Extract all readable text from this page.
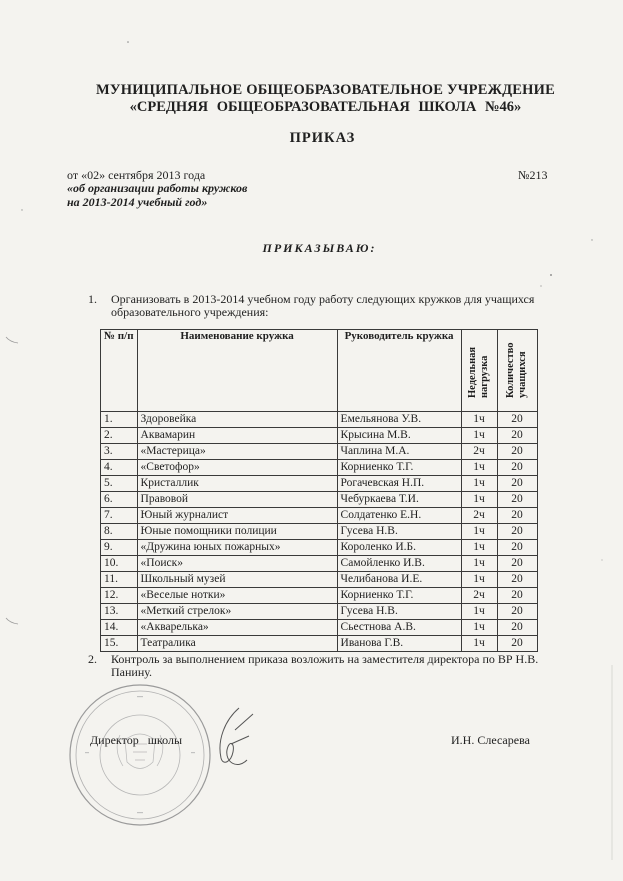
МУНИЦИПАЛЬНОЕ ОБЩЕОБРАЗОВАТЕЛЬНОЕ УЧРЕЖДЕНИЕ
«СРЕДНЯЯ ОБЩЕОБРАЗОВАТЕЛЬНАЯ ШКОЛА №46»
ПРИКАЗ
от «02» сентября 2013 года	№213
«об организации работы кружков
на 2013-2014 учебный год»
ПРИКАЗЫВАЮ:
1. Организовать в 2013-2014 учебном году работу следующих кружков для учащихся образовательного учреждения:
№ п/п	Наименование кружка	Руководитель кружка	Недельная нагрузка	Количество учащихся

1.	Здоровейка	Емельянова У.В.	1ч	20
2.	Аквамарин	Крысина М.В.	1ч	20
3.	«Мастерица»	Чаплина М.А.	2ч	20
4.	«Светофор»	Корниенко Т.Г.	1ч	20
5.	Кристаллик	Рогачевская Н.П.	1ч	20
6.	Правовой	Чебуркаева Т.И.	1ч	20
7.	Юный журналист	Солдатенко Е.Н.	2ч	20
8.	Юные помощники полиции	Гусева Н.В.	1ч	20
9.	«Дружина юных пожарных»	Короленко И.Б.	1ч	20
10.	«Поиск»	Самойленко И.В.	1ч	20
11.	Школьный музей	Челибанова И.Е.	1ч	20
12.	«Веселые нотки»	Корниенко Т.Г.	2ч	20
13.	«Меткий стрелок»	Гусева Н.В.	1ч	20
14.	«Акварелька»	Сьестнова А.В.	1ч	20
15.	Театралика	Иванова Г.В.	1ч	20
2. Контроль за выполнением приказа возложить на заместителя директора по ВР Н.В. Панину.
Директор школы	И.Н. Слесарева
